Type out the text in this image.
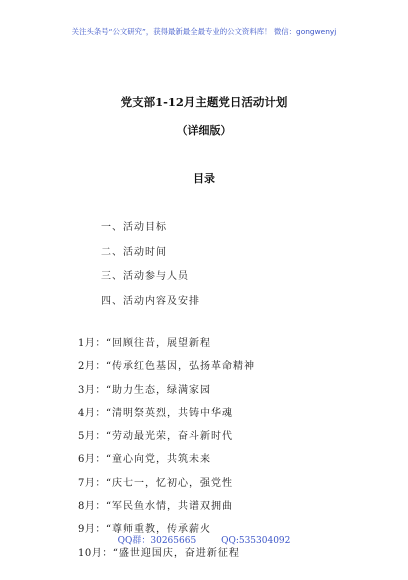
关注头条号“公文研究”，获得最新最全最专业的公文资料库！ 微信：gongwenyj
党支部1-12月主题党日活动计划
（详细版）
目录
一、活动目标
二、活动时间
三、活动参与人员
四、活动内容及安排
1月：“回顾往昔，展望新程
2月：“传承红色基因，弘扬革命精神
3月：“助力生态，绿满家园
4月：“清明祭英烈，共铸中华魂
5月：“劳动最光荣，奋斗新时代
6月：“童心向党，共筑未来
7月：“庆七一，忆初心，强党性
8月：“军民鱼水情，共谱双拥曲
9月：“尊师重教，传承薪火
10月：“盛世迎国庆，奋进新征程
QQ群：30265665	QQ:535304092
